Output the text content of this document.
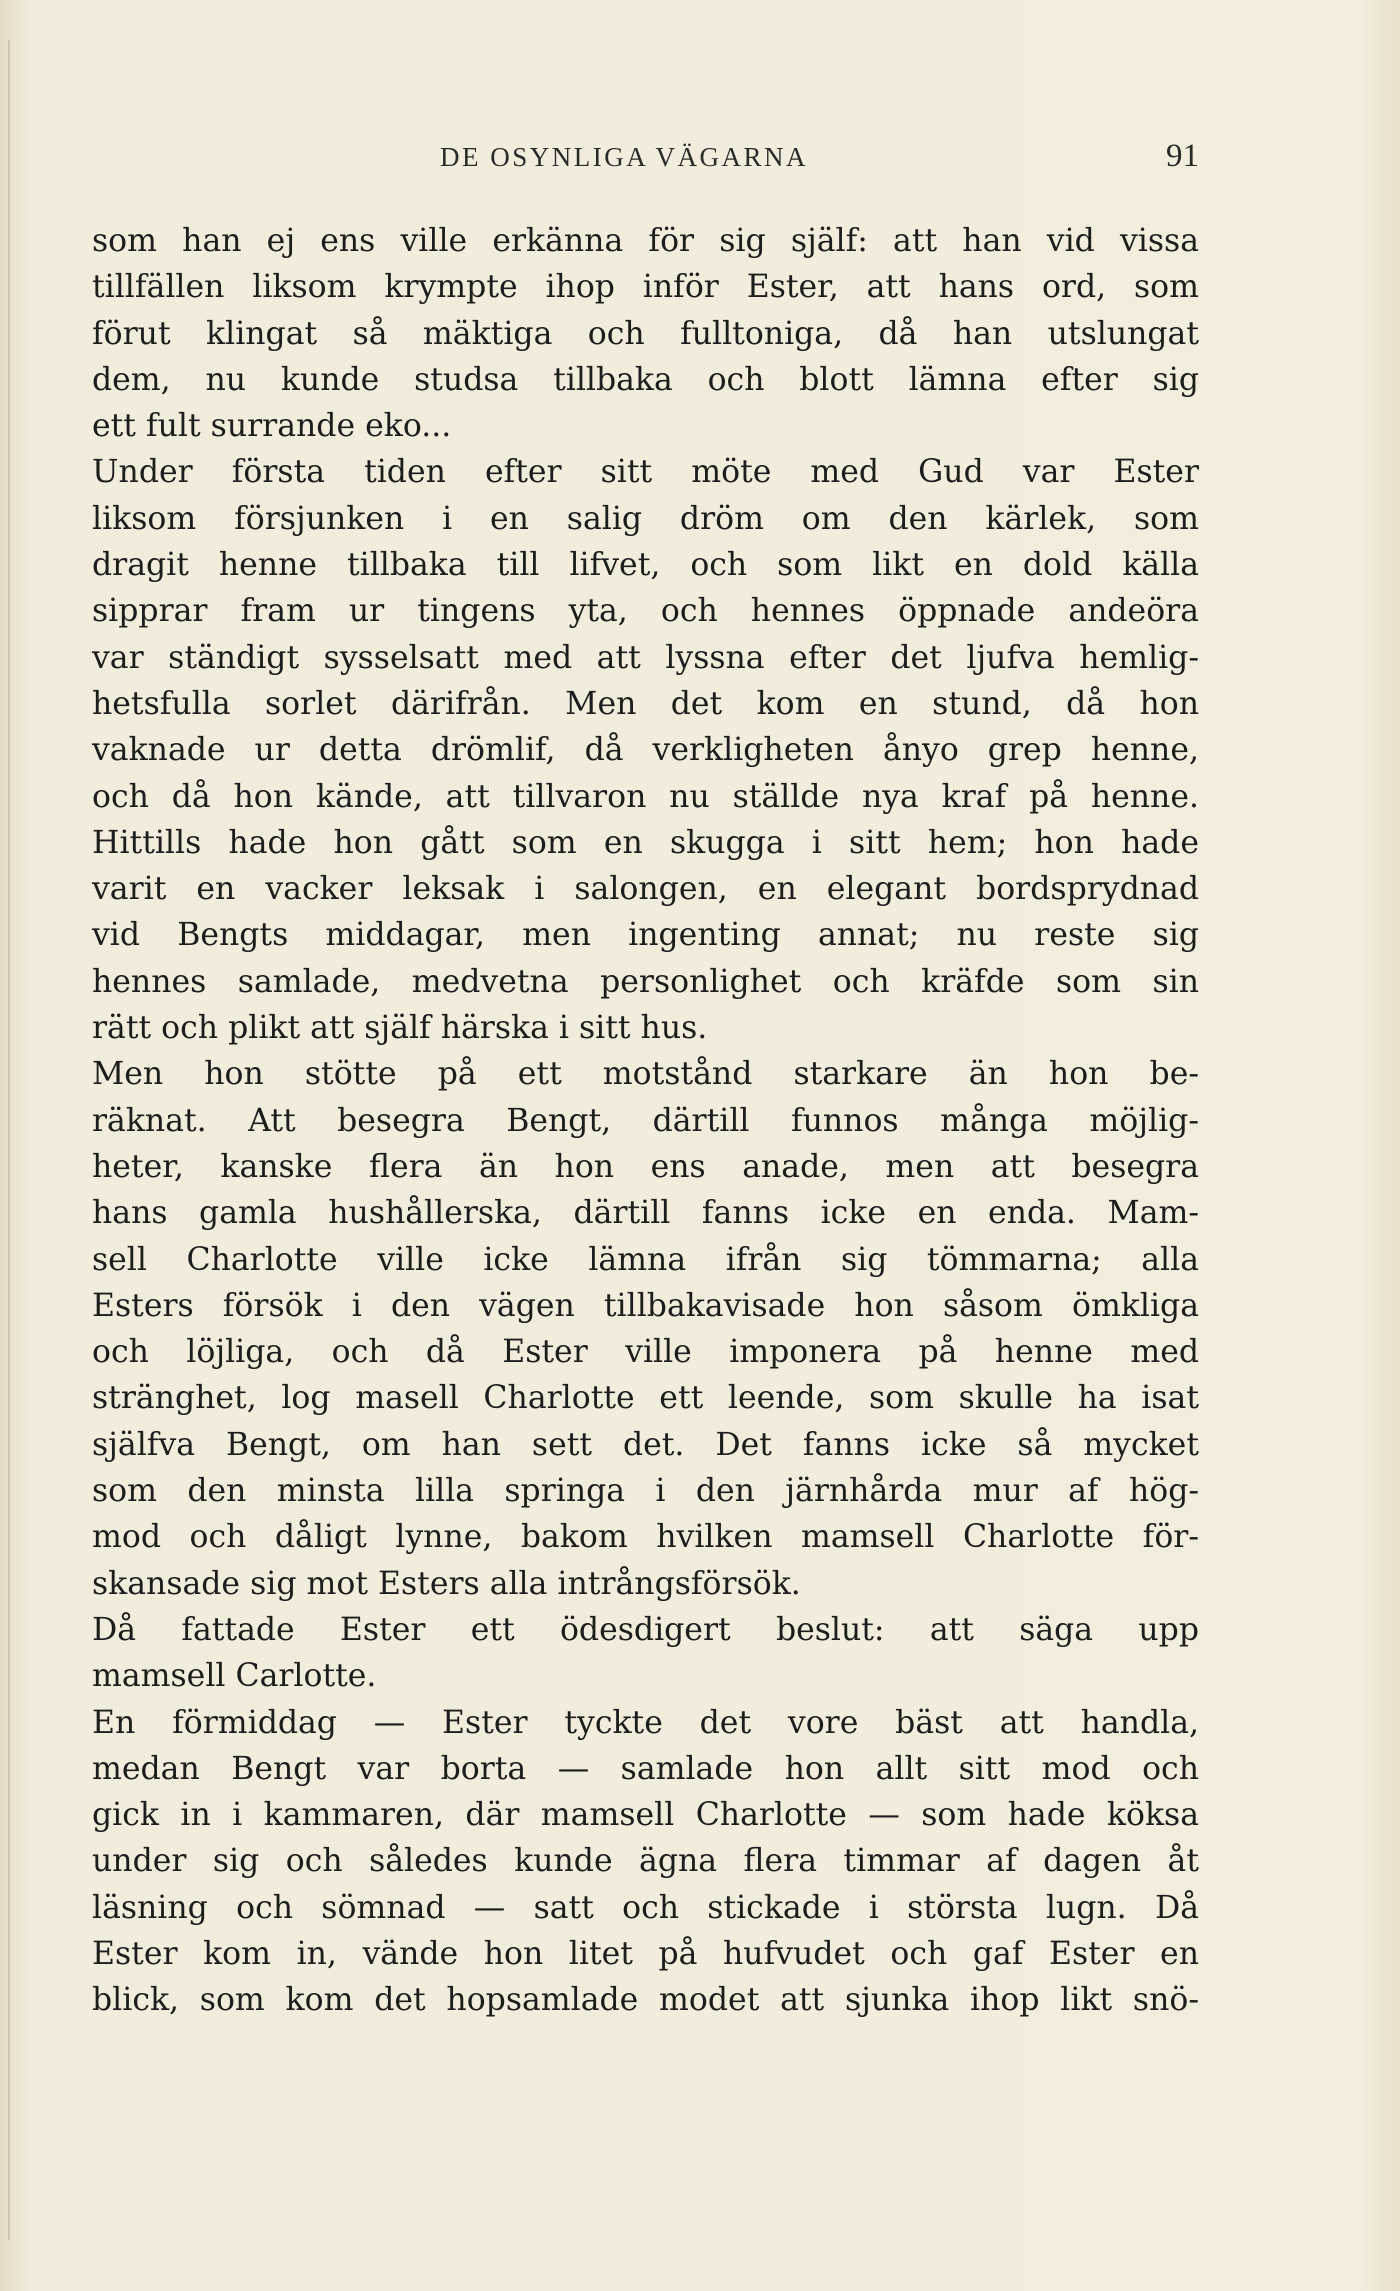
DE OSYNLIGA VÄGARNA	91
som han ej ens ville erkänna för sig själf: att han vid vissa
tillfällen liksom krympte ihop inför Ester, att hans ord, som
förut klingat så mäktiga och fulltoniga, då han utslungat
dem, nu kunde studsa tillbaka och blott lämna efter sig
ett fult surrande eko...
Under första tiden efter sitt möte med Gud var Ester
liksom försjunken i en salig dröm om den kärlek, som
dragit henne tillbaka till lifvet, och som likt en dold källa
sipprar fram ur tingens yta, och hennes öppnade andeöra
var ständigt sysselsatt med att lyssna efter det ljufva hemlig-
hetsfulla sorlet därifrån. Men det kom en stund, då hon
vaknade ur detta drömlif, då verkligheten ånyo grep henne,
och då hon kände, att tillvaron nu ställde nya kraf på henne.
Hittills hade hon gått som en skugga i sitt hem; hon hade
varit en vacker leksak i salongen, en elegant bordsprydnad
vid Bengts middagar, men ingenting annat; nu reste sig
hennes samlade, medvetna personlighet och kräfde som sin
rätt och plikt att själf härska i sitt hus.
Men hon stötte på ett motstånd starkare än hon be-
räknat. Att besegra Bengt, därtill funnos många möjlig-
heter, kanske flera än hon ens anade, men att besegra
hans gamla hushållerska, därtill fanns icke en enda. Mam-
sell Charlotte ville icke lämna ifrån sig tömmarna; alla
Esters försök i den vägen tillbakavisade hon såsom ömkliga
och löjliga, och då Ester ville imponera på henne med
stränghet, log masell Charlotte ett leende, som skulle ha isat
själfva Bengt, om han sett det. Det fanns icke så mycket
som den minsta lilla springa i den järnhårda mur af hög-
mod och dåligt lynne, bakom hvilken mamsell Charlotte för-
skansade sig mot Esters alla intrångsförsök.
Då fattade Ester ett ödesdigert beslut: att säga upp
mamsell Carlotte.
En förmiddag — Ester tyckte det vore bäst att handla,
medan Bengt var borta — samlade hon allt sitt mod och
gick in i kammaren, där mamsell Charlotte — som hade köksa
under sig och således kunde ägna flera timmar af dagen åt
läsning och sömnad — satt och stickade i största lugn. Då
Ester kom in, vände hon litet på hufvudet och gaf Ester en
blick, som kom det hopsamlade modet att sjunka ihop likt snö-
